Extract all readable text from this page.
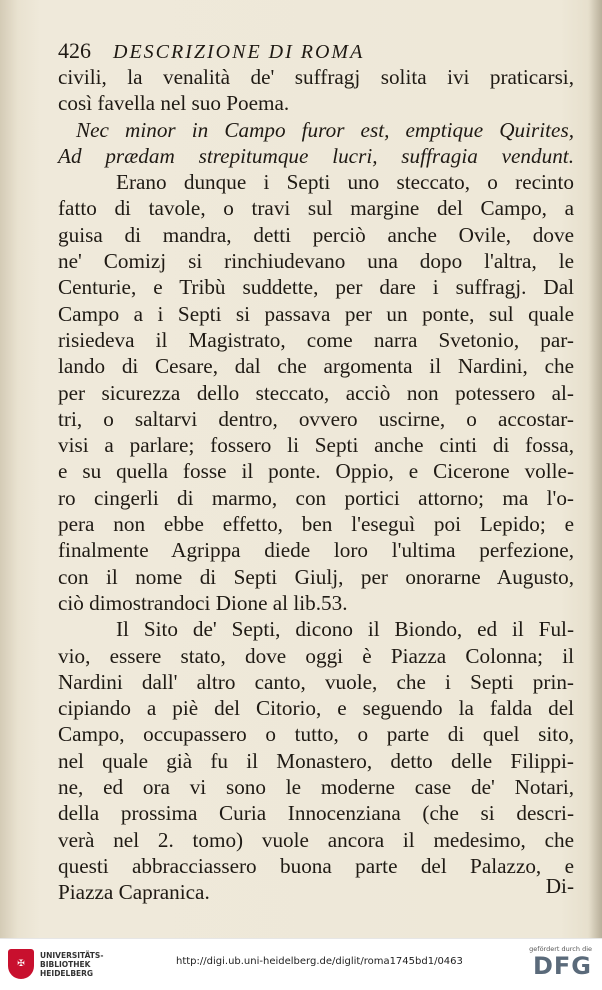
426 DESCRIZIONE DI ROMA
civili, la venalità de' suffragj solita ivi praticarsi,
così favella nel suo Poema.
Nec minor in Campo furor est, emptique Quirites,
Ad prædam strepitumque lucri, suffragia vendunt.
Erano dunque i Septi uno steccato, o recinto
fatto di tavole, o travi sul margine del Campo, a
guisa di mandra, detti perciò anche Ovile, dove
ne' Comizj si rinchiudevano una dopo l'altra, le
Centurie, e Tribù suddette, per dare i suffragj. Dal
Campo a i Septi si passava per un ponte, sul quale
risiedeva il Magistrato, come narra Svetonio, par-
lando di Cesare, dal che argomenta il Nardini, che
per sicurezza dello steccato, acciò non potessero al-
tri, o saltarvi dentro, ovvero uscirne, o accostar-
visi a parlare; fossero li Septi anche cinti di fossa,
e su quella fosse il ponte. Oppio, e Cicerone volle-
ro cingerli di marmo, con portici attorno; ma l'o-
pera non ebbe effetto, ben l'eseguì poi Lepido; e
finalmente Agrippa diede loro l'ultima perfezione,
con il nome di Septi Giulj, per onorarne Augusto,
ciò dimostrandoci Dione al lib.53.
Il Sito de' Septi, dicono il Biondo, ed il Ful-
vio, essere stato, dove oggi è Piazza Colonna; il
Nardini dall' altro canto, vuole, che i Septi prin-
cipiando a piè del Citorio, e seguendo la falda del
Campo, occupassero o tutto, o parte di quel sito,
nel quale già fu il Monastero, detto delle Filippi-
ne, ed ora vi sono le moderne case de' Notari,
della prossima Curia Innocenziana (che si descri-
verà nel 2. tomo) vuole ancora il medesimo, che
questi abbracciassero buona parte del Palazzo, e
Piazza Capranica.	Di-
✠
UNIVERSITÄTS-
BIBLIOTHEK
HEIDELBERG
http://digi.ub.uni-heidelberg.de/diglit/roma1745bd1/0463
gefördert durch die
DFG
